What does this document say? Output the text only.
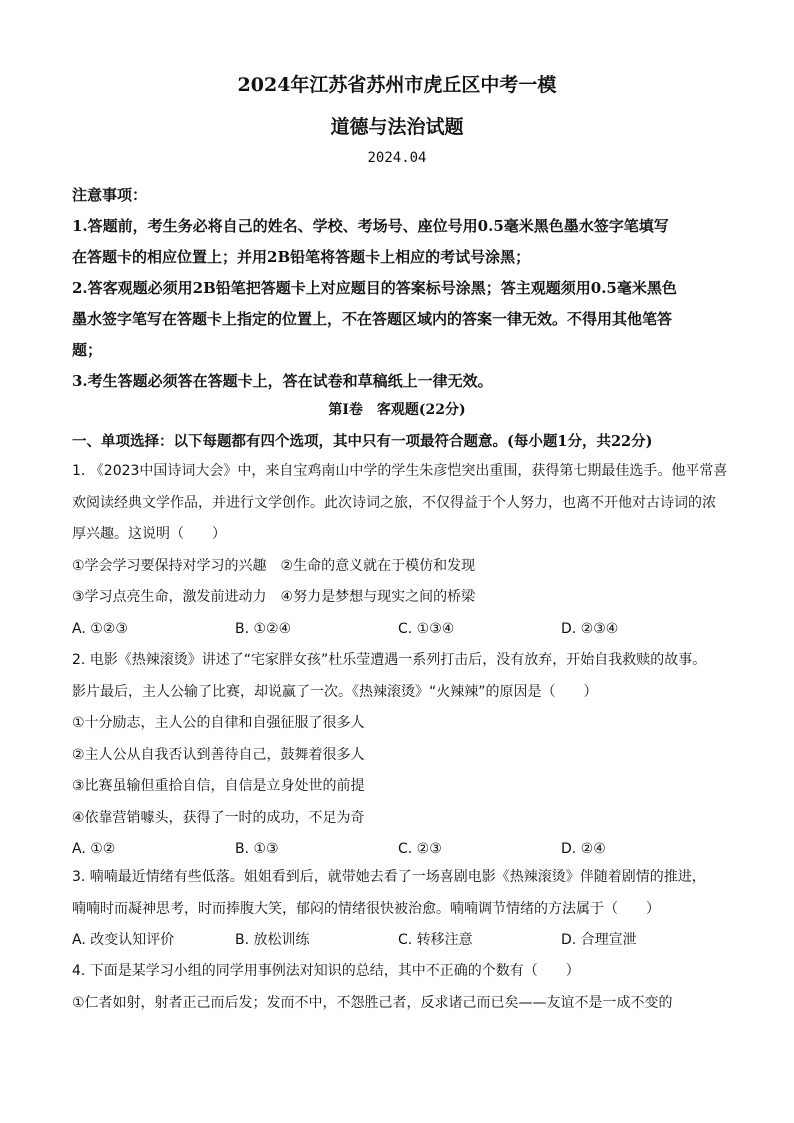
2024年江苏省苏州市虎丘区中考一模
道德与法治试题
2024.04

注意事项：

1.答题前，考生务必将自己的姓名、学校、考场号、座位号用0.5毫米黑色墨水签字笔填写

在答题卡的相应位置上；并用2B铅笔将答题卡上相应的考试号涂黑；

2.答客观题必须用2B铅笔把答题卡上对应题目的答案标号涂黑；答主观题须用0.5毫米黑色

墨水签字笔写在答题卡上指定的位置上，不在答题区域内的答案一律无效。不得用其他笔答

题；

3.考生答题必须答在答题卡上，答在试卷和草稿纸上一律无效。

第Ⅰ卷　客观题(22分)
一、单项选择：以下每题都有四个选项，其中只有一项最符合题意。(每小题1分，共22分)

1. 《2023中国诗词大会》中，来自宝鸡南山中学的学生朱彦恺突出重围，获得第七期最佳选手。他平常喜

欢阅读经典文学作品，并进行文学创作。此次诗词之旅，不仅得益于个人努力，也离不开他对古诗词的浓

厚兴趣。这说明（　　）

①学会学习要保持对学习的兴趣　②生命的意义就在于模仿和发现

③学习点亮生命，激发前进动力　④努力是梦想与现实之间的桥梁

A. ①②③	B. ①②④	C. ①③④	D. ②③④

2. 电影《热辣滚烫》讲述了“宅家胖女孩”杜乐莹遭遇一系列打击后，没有放弃，开始自我救赎的故事。

影片最后，主人公输了比赛，却说赢了一次。《热辣滚烫》“火辣辣”的原因是（　　）

①十分励志，主人公的自律和自强征服了很多人

②主人公从自我否认到善待自己，鼓舞着很多人

③比赛虽输但重拾自信，自信是立身处世的前提

④依靠营销噱头，获得了一时的成功，不足为奇

A. ①②	B. ①③	C. ②③	D. ②④

3. 喃喃最近情绪有些低落。姐姐看到后，就带她去看了一场喜剧电影《热辣滚烫》伴随着剧情的推进，

喃喃时而凝神思考，时而捧腹大笑，郁闷的情绪很快被治愈。喃喃调节情绪的方法属于（　　）

A. 改变认知评价	B. 放松训练	C. 转移注意	D. 合理宣泄

4. 下面是某学习小组的同学用事例法对知识的总结，其中不正确的个数有（　　）

①仁者如射，射者正己而后发；发而不中，不怨胜己者，反求诸己而已矣——友谊不是一成不变的
